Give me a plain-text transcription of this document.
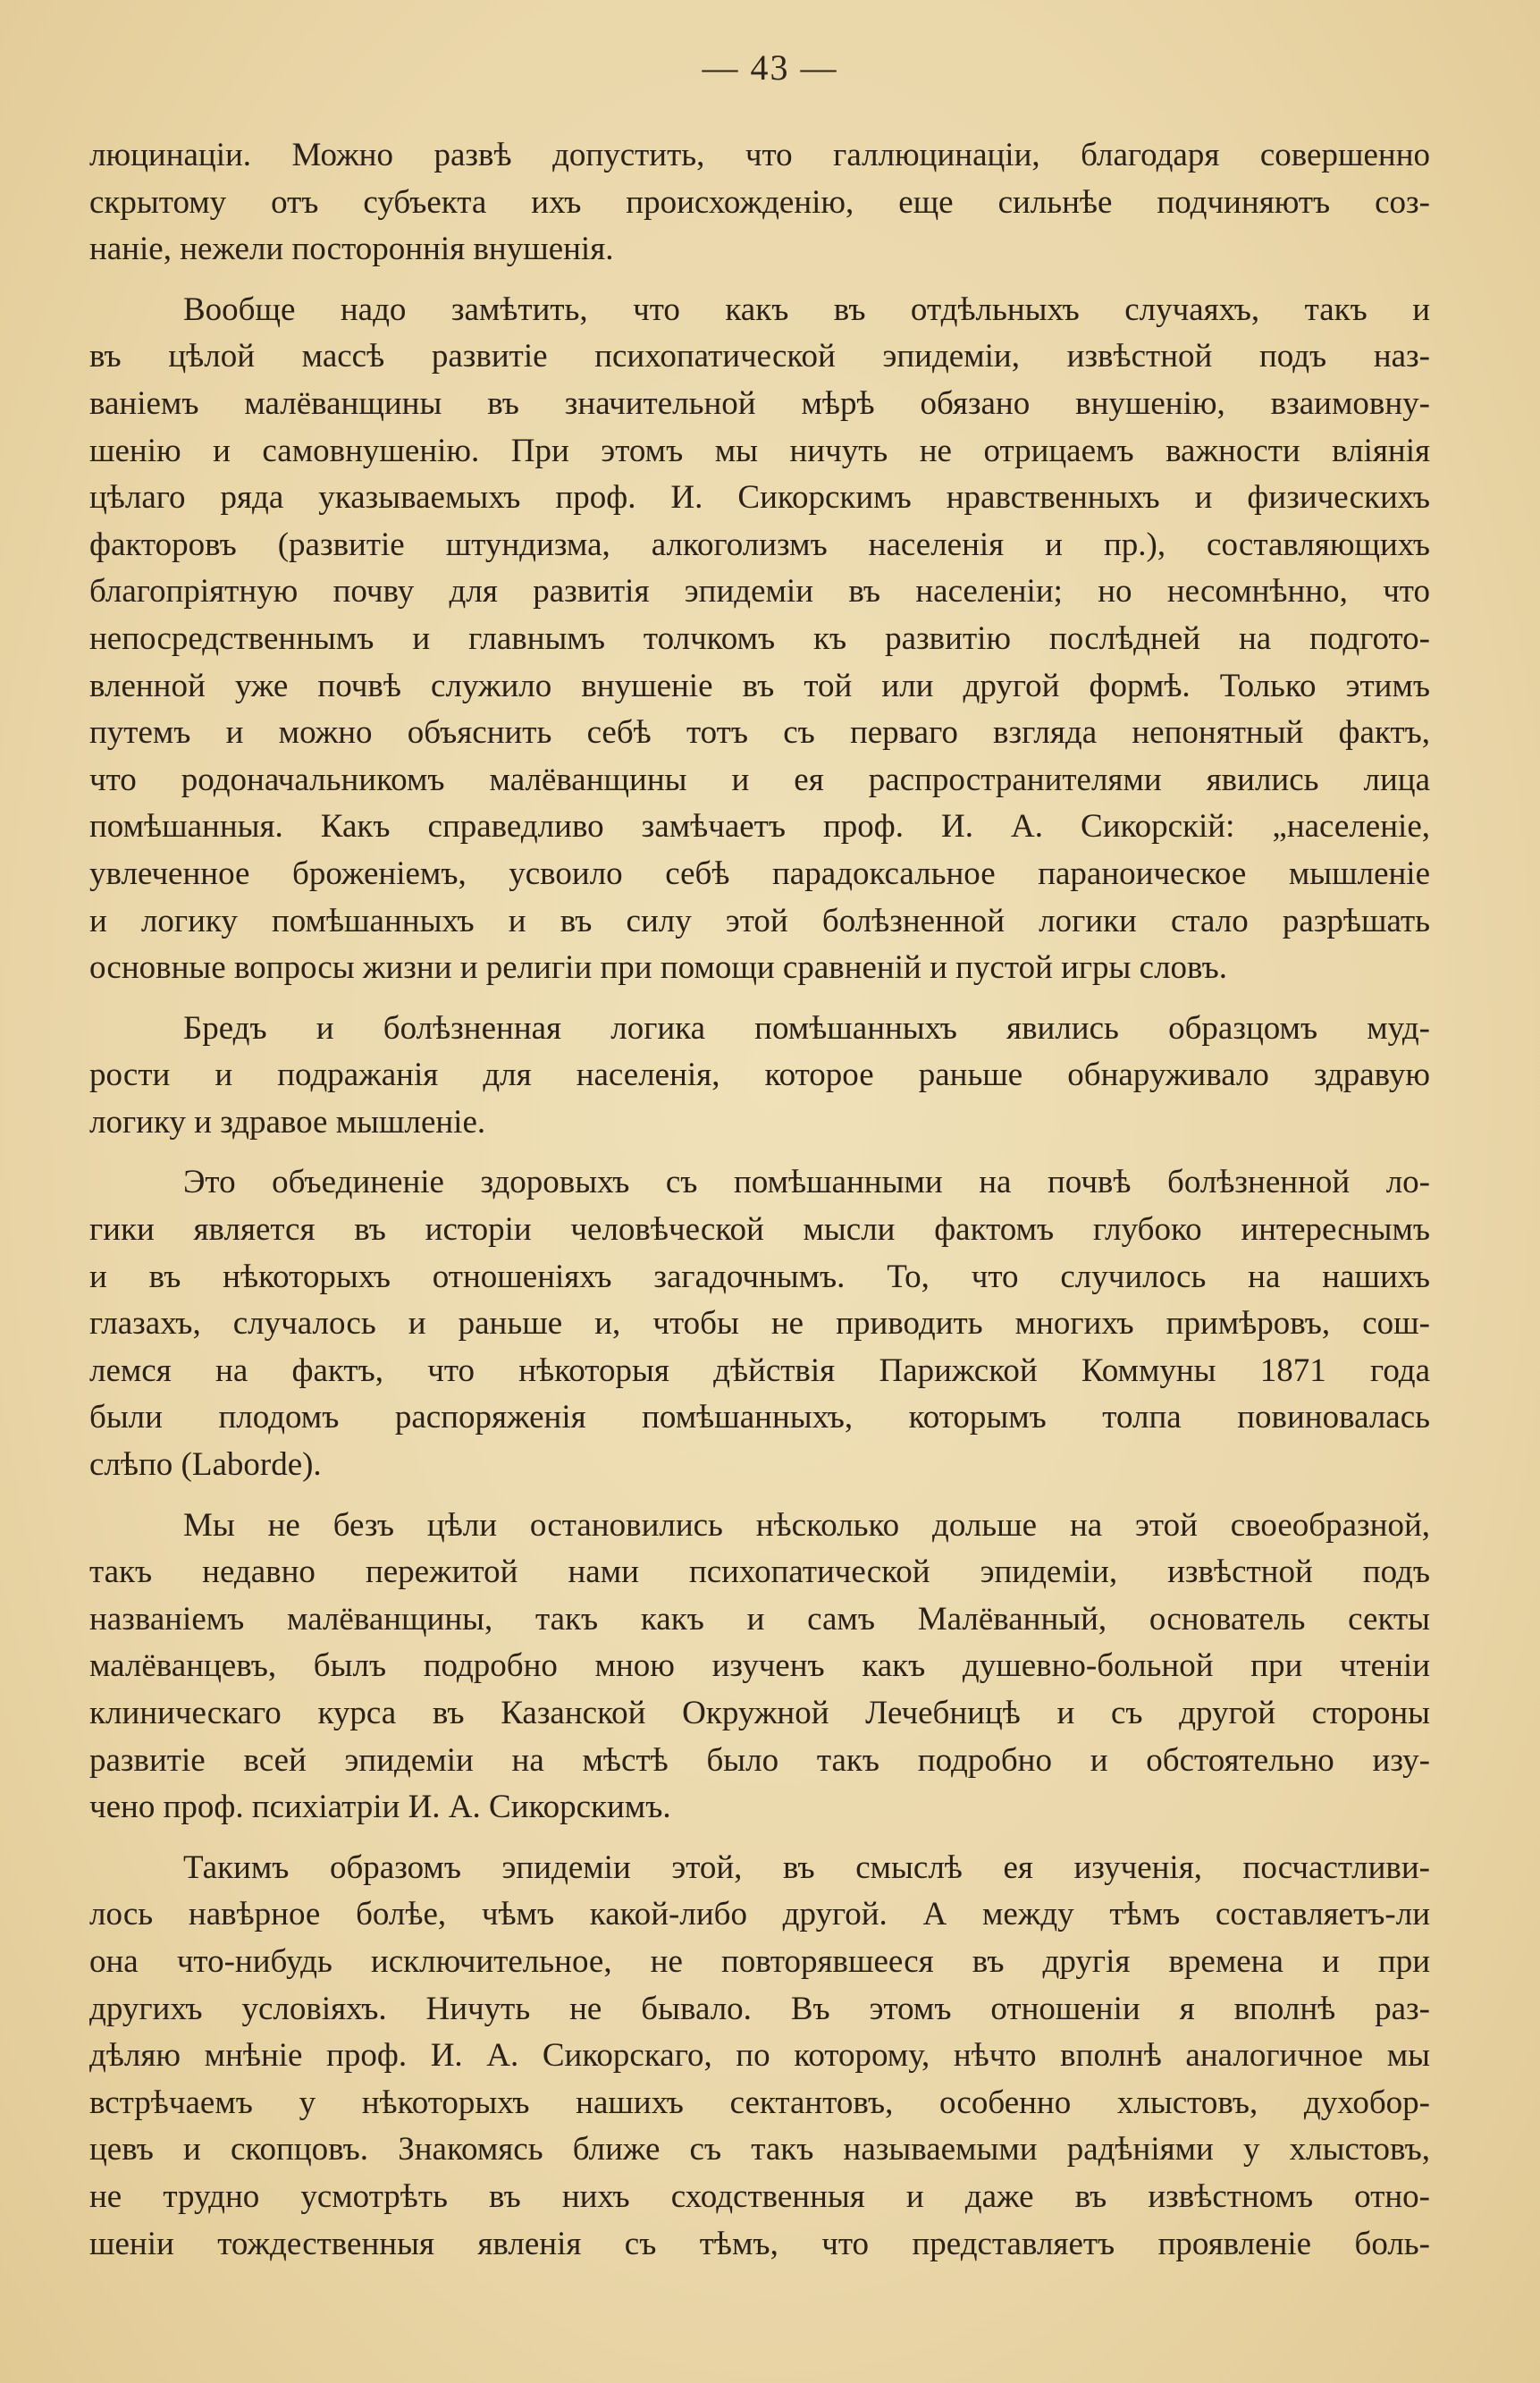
— 43 —

люцинаціи. Можно развѣ допустить, что галлюцинаціи, благодаря совершенно
скрытому отъ субъекта ихъ происхожденію, еще сильнѣе подчиняютъ соз-
наніе, нежели постороннія внушенія.

Вообще надо замѣтить, что какъ въ отдѣльныхъ случаяхъ, такъ и
въ цѣлой массѣ развитіе психопатической эпидеміи, извѣстной подъ наз-
ваніемъ малёванщины въ значительной мѣрѣ обязано внушенію, взаимовну-
шенію и самовнушенію. При этомъ мы ничуть не отрицаемъ важности вліянія
цѣлаго ряда указываемыхъ проф. И. Сикорскимъ нравственныхъ и физическихъ
факторовъ (развитіе штундизма, алкоголизмъ населенія и пр.), составляющихъ
благопріятную почву для развитія эпидеміи въ населеніи; но несомнѣнно, что
непосредственнымъ и главнымъ толчкомъ къ развитію послѣдней на подгото-
вленной уже почвѣ служило внушеніе въ той или другой формѣ. Только этимъ
путемъ и можно объяснить себѣ тотъ съ перваго взгляда непонятный фактъ,
что родоначальникомъ малёванщины и ея распространителями явились лица
помѣшанныя. Какъ справедливо замѣчаетъ проф. И. А. Сикорскій: „населеніе,
увлеченное броженіемъ, усвоило себѣ парадоксальное параноическое мышленіе
и логику помѣшанныхъ и въ силу этой болѣзненной логики стало разрѣшать
основные вопросы жизни и религіи при помощи сравненій и пустой игры словъ.

Бредъ и болѣзненная логика помѣшанныхъ явились образцомъ муд-
рости и подражанія для населенія, которое раньше обнаруживало здравую
логику и здравое мышленіе.

Это объединеніе здоровыхъ съ помѣшанными на почвѣ болѣзненной ло-
гики является въ исторіи человѣческой мысли фактомъ глубоко интереснымъ
и въ нѣкоторыхъ отношеніяхъ загадочнымъ. То, что случилось на нашихъ
глазахъ, случалось и раньше и, чтобы не приводить многихъ примѣровъ, сош-
лемся на фактъ, что нѣкоторыя дѣйствія Парижской Коммуны 1871 года
были плодомъ распоряженія помѣшанныхъ, которымъ толпа повиновалась
слѣпо (Laborde).

Мы не безъ цѣли остановились нѣсколько дольше на этой своеобразной,
такъ недавно пережитой нами психопатической эпидеміи, извѣстной подъ
названіемъ малёванщины, такъ какъ и самъ Малёванный, основатель секты
малёванцевъ, былъ подробно мною изученъ какъ душевно-больной при чтеніи
клиническаго курса въ Казанской Окружной Лечебницѣ и съ другой стороны
развитіе всей эпидеміи на мѣстѣ было такъ подробно и обстоятельно изу-
чено проф. психіатріи И. А. Сикорскимъ.

Такимъ образомъ эпидеміи этой, въ смыслѣ ея изученія, посчастливи-
лось навѣрное болѣе, чѣмъ какой-либо другой. А между тѣмъ составляетъ-ли
она что-нибудь исключительное, не повторявшееся въ другія времена и при
другихъ условіяхъ. Ничуть не бывало. Въ этомъ отношеніи я вполнѣ раз-
дѣляю мнѣніе проф. И. А. Сикорскаго, по которому, нѣчто вполнѣ аналогичное мы
встрѣчаемъ у нѣкоторыхъ нашихъ сектантовъ, особенно хлыстовъ, духобор-
цевъ и скопцовъ. Знакомясь ближе съ такъ называемыми радѣніями у хлыстовъ,
не трудно усмотрѣть въ нихъ сходственныя и даже въ извѣстномъ отно-
шеніи тождественныя явленія съ тѣмъ, что представляетъ проявленіе боль-
